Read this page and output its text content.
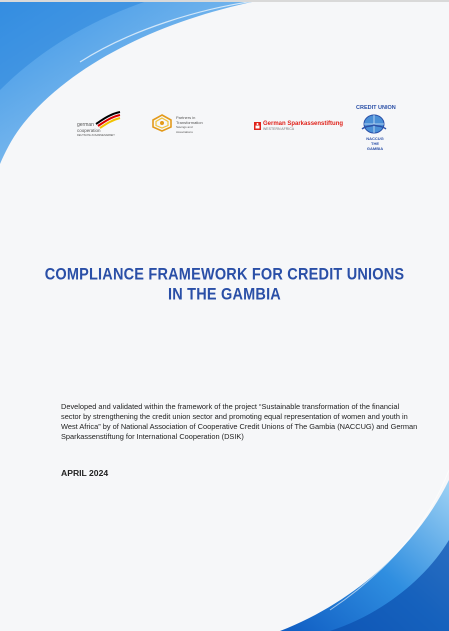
german
cooperation
DEUTSCHE ZUSAMMENARBEIT
Partners in
Transformation
Savings and
Associations
German Sparkassenstiftung
WESTERN AFRICA
CREDIT UNION
NACCUG
THE GAMBIA
COMPLIANCE FRAMEWORK FOR CREDIT UNIONS
IN THE GAMBIA
Developed and validated within the framework of the project “Sustainable transformation of the financial sector by strengthening the credit union sector and promoting equal representation of women and youth in West Africa” by of National Association of Cooperative Credit Unions of The Gambia (NACCUG) and German Sparkassenstiftung for International Cooperation (DSIK)
APRIL 2024
